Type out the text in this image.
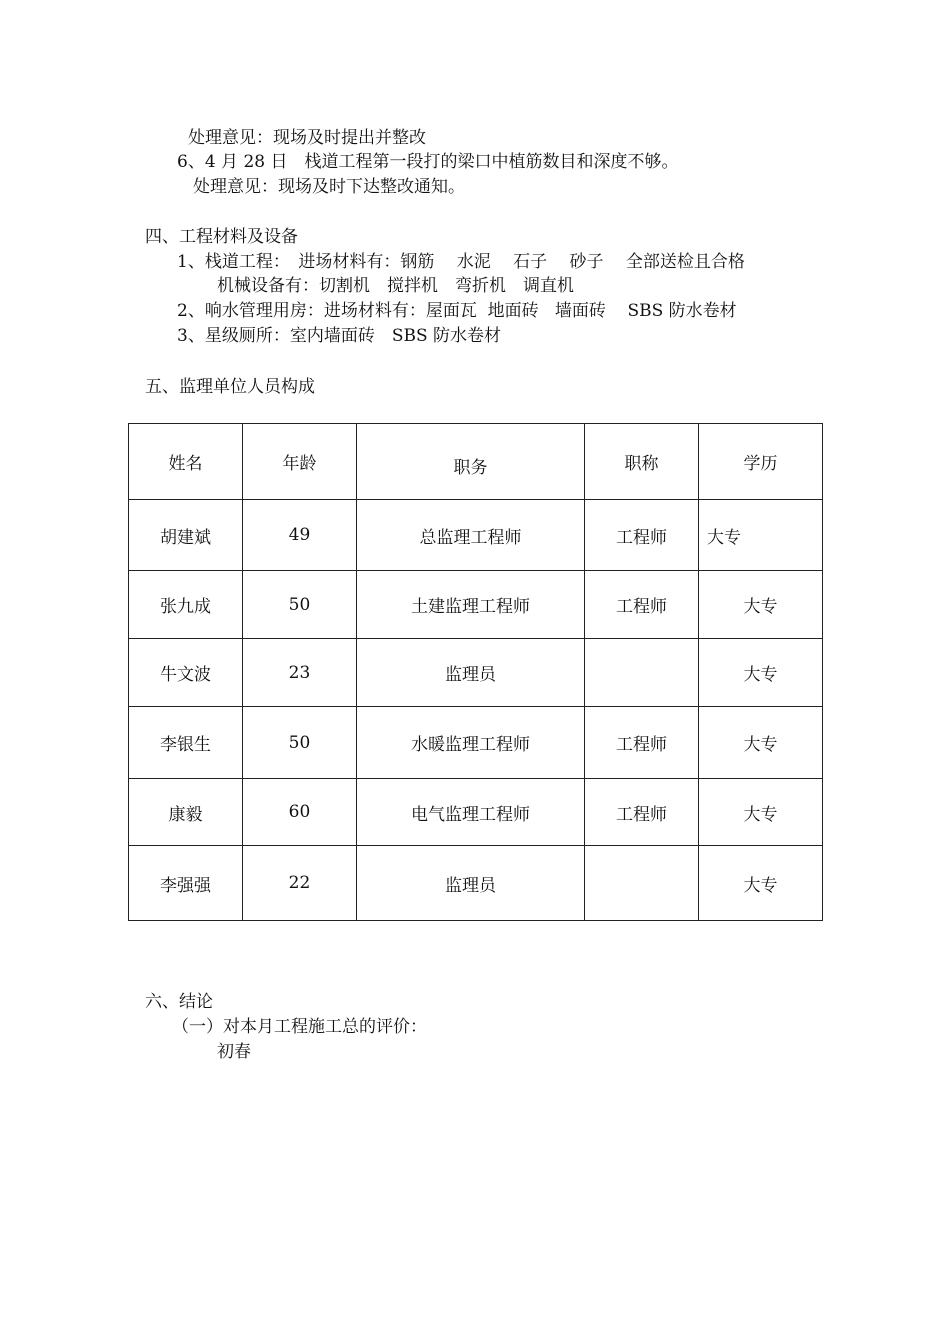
处理意见：现场及时提出并整改
6、4 月 28 日　栈道工程第一段打的梁口中植筋数目和深度不够。
处理意见：现场及时下达整改通知。
四、工程材料及设备
1、栈道工程：　进场材料有：钢筋　 水泥　 石子　 砂子　 全部送检且合格
机械设备有：切割机　搅拌机　弯折机　调直机
2、响水管理用房：进场材料有：屋面瓦  地面砖   墙面砖    SBS 防水卷材
3、星级厕所：室内墙面砖　SBS 防水卷材
五、监理单位人员构成
姓名	年龄	职务	职称	学历
胡建斌	49	总监理工程师	工程师	大专
张九成	50	土建监理工程师	工程师	大专
牛文波	23	监理员		大专
李银生	50	水暖监理工程师	工程师	大专
康毅	60	电气监理工程师	工程师	大专
李强强	22	监理员		大专
六、结论
（一）对本月工程施工总的评价：
初春
